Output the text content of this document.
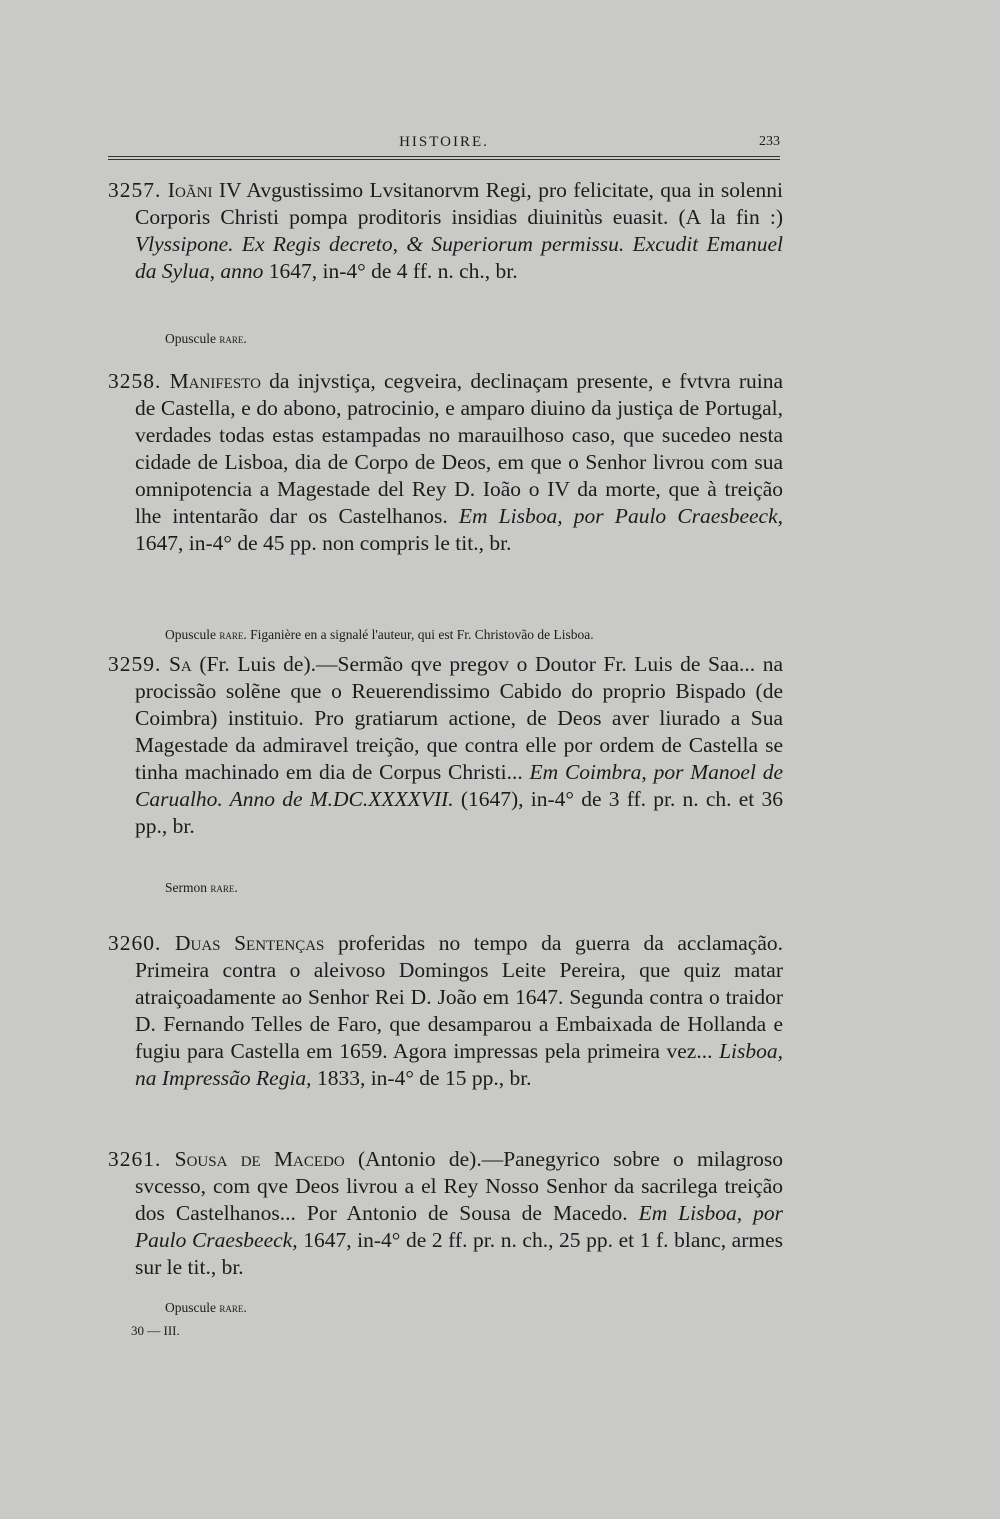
HISTOIRE.	233

3257. Ioãni IV Avgustissimo Lvsitanorvm Regi, pro felicitate, qua in solenni Corporis Christi pompa proditoris insidias diuinitùs euasit. (A la fin :) Vlyssipone. Ex Regis decreto, & Superiorum permissu. Excudit Emanuel da Sylua, anno 1647, in-4° de 4 ff. n. ch., br.

Opuscule rare.

3258. Manifesto da injvstiça, cegveira, declinaçam presente, e fvtvra ruina de Castella, e do abono, patrocinio, e amparo diuino da justiça de Portugal, verdades todas estas estampadas no marauilhoso caso, que sucedeo nesta cidade de Lisboa, dia de Corpo de Deos, em que o Senhor livrou com sua omnipotencia a Magestade del Rey D. Ioão o IV da morte, que à treição lhe intentarão dar os Castelhanos. Em Lisboa, por Paulo Craesbeeck, 1647, in-4° de 45 pp. non compris le tit., br.

Opuscule rare. Figanière en a signalé l'auteur, qui est Fr. Christovão de Lisboa.

3259. Sa (Fr. Luis de).—Sermão qve pregov o Doutor Fr. Luis de Saa... na procissão solẽne que o Reuerendissimo Cabido do proprio Bispado (de Coimbra) instituio. Pro gratiarum actione, de Deos aver liurado a Sua Magestade da admiravel treição, que contra elle por ordem de Castella se tinha machinado em dia de Corpus Christi... Em Coimbra, por Manoel de Carualho. Anno de M.DC.XXXXVII. (1647), in-4° de 3 ff. pr. n. ch. et 36 pp., br.

Sermon rare.

3260. Duas Sentenças proferidas no tempo da guerra da acclamação. Primeira contra o aleivoso Domingos Leite Pereira, que quiz matar atraiçoadamente ao Senhor Rei D. João em 1647. Segunda contra o traidor D. Fernando Telles de Faro, que desamparou a Embaixada de Hollanda e fugiu para Castella em 1659. Agora impressas pela primeira vez... Lisboa, na Impressão Regia, 1833, in-4° de 15 pp., br.

3261. Sousa de Macedo (Antonio de).—Panegyrico sobre o milagroso svcesso, com qve Deos livrou a el Rey Nosso Senhor da sacrilega treição dos Castelhanos... Por Antonio de Sousa de Macedo. Em Lisboa, por Paulo Craesbeeck, 1647, in-4° de 2 ff. pr. n. ch., 25 pp. et 1 f. blanc, armes sur le tit., br.

Opuscule rare.
30 — III.
